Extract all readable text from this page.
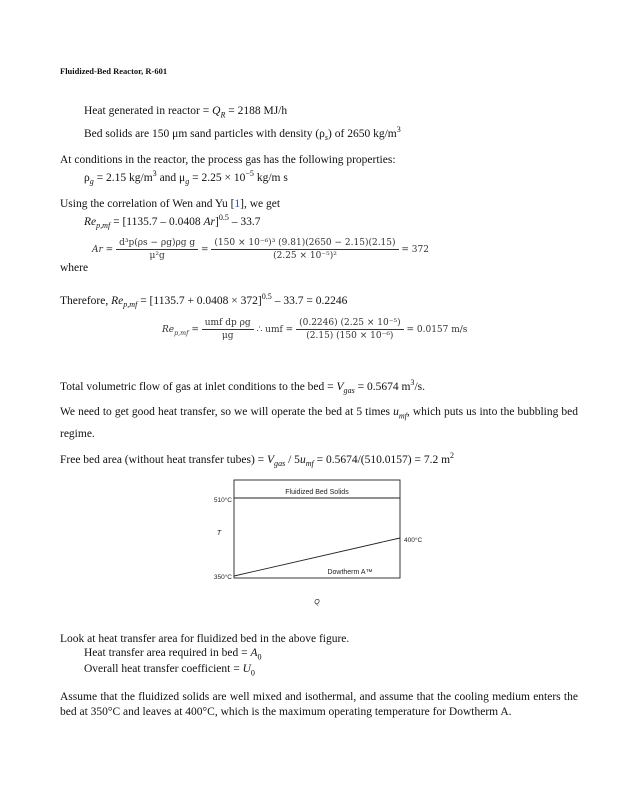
Fluidized-Bed Reactor, R-601
Heat generated in reactor = $Q_R = 2188$ MJ/h
Bed solids are 150 μm sand particles with density $(\rho_s)$ of 2650 $kg/m^3$
At conditions in the reactor, the process gas has the following properties:
$\rho_g = 2.15$ $kg/m^3$ and $\mu_g = 2.25 \times 10^{-5}$ kg/m s
Using the correlation of Wen and Yu [1], we get
$Re_{p,mf} = [1135.7 - 0.0408$ Ar]$^{0.5}$ – 33.7
$Ar = \frac{\text{d³p(ρs − ρg)ρg g}}{\text{μ²g}} = \frac{\text{(150 × 10⁻⁶)³ (9.81)(2650 − 2.15)(2.15)}}{\text{(2.25 × 10⁻⁵)²}} = 372$
where
Therefore, $Re_{p,mf} = [1135.7 + 0.0408 \times 372]^{0.5} - 33.7 = 0.2246$
$Re_{p,mf} = \frac{\text{umf dp ρg}}{\mu g}$ ∴ umf = $\frac{\text{(0.2246) (2.25 × 10⁻⁵)}}{\text{(2.15) (150 × 10⁻⁶)}} = 0.0157$ m/s
Total volumetric flow of gas at inlet conditions to the bed = $V_{gas} = 0.5674$ $m^3/s$.
We need to get good heat transfer, so we will operate the bed at 5 times $u_{mf}$, which puts us into the bubbling bed regime.
Free bed area (without heat transfer tubes) = $V_{gas} / 5u_{mf} = 0.5674/(510.0157) = 7.2$ $m^2$
Fluidized Bed Solids
Dowtherm A™
510°C
T
350°C
400°C
Q
Look at heat transfer area for fluidized bed in the above figure.
Heat transfer area required in bed = $A_0$
Overall heat transfer coefficient = $U_0$
Assume that the fluidized solids are well mixed and isothermal, and assume that the cooling medium enters the bed at 350°C and leaves at 400°C, which is the maximum operating temperature for Dowtherm A.
